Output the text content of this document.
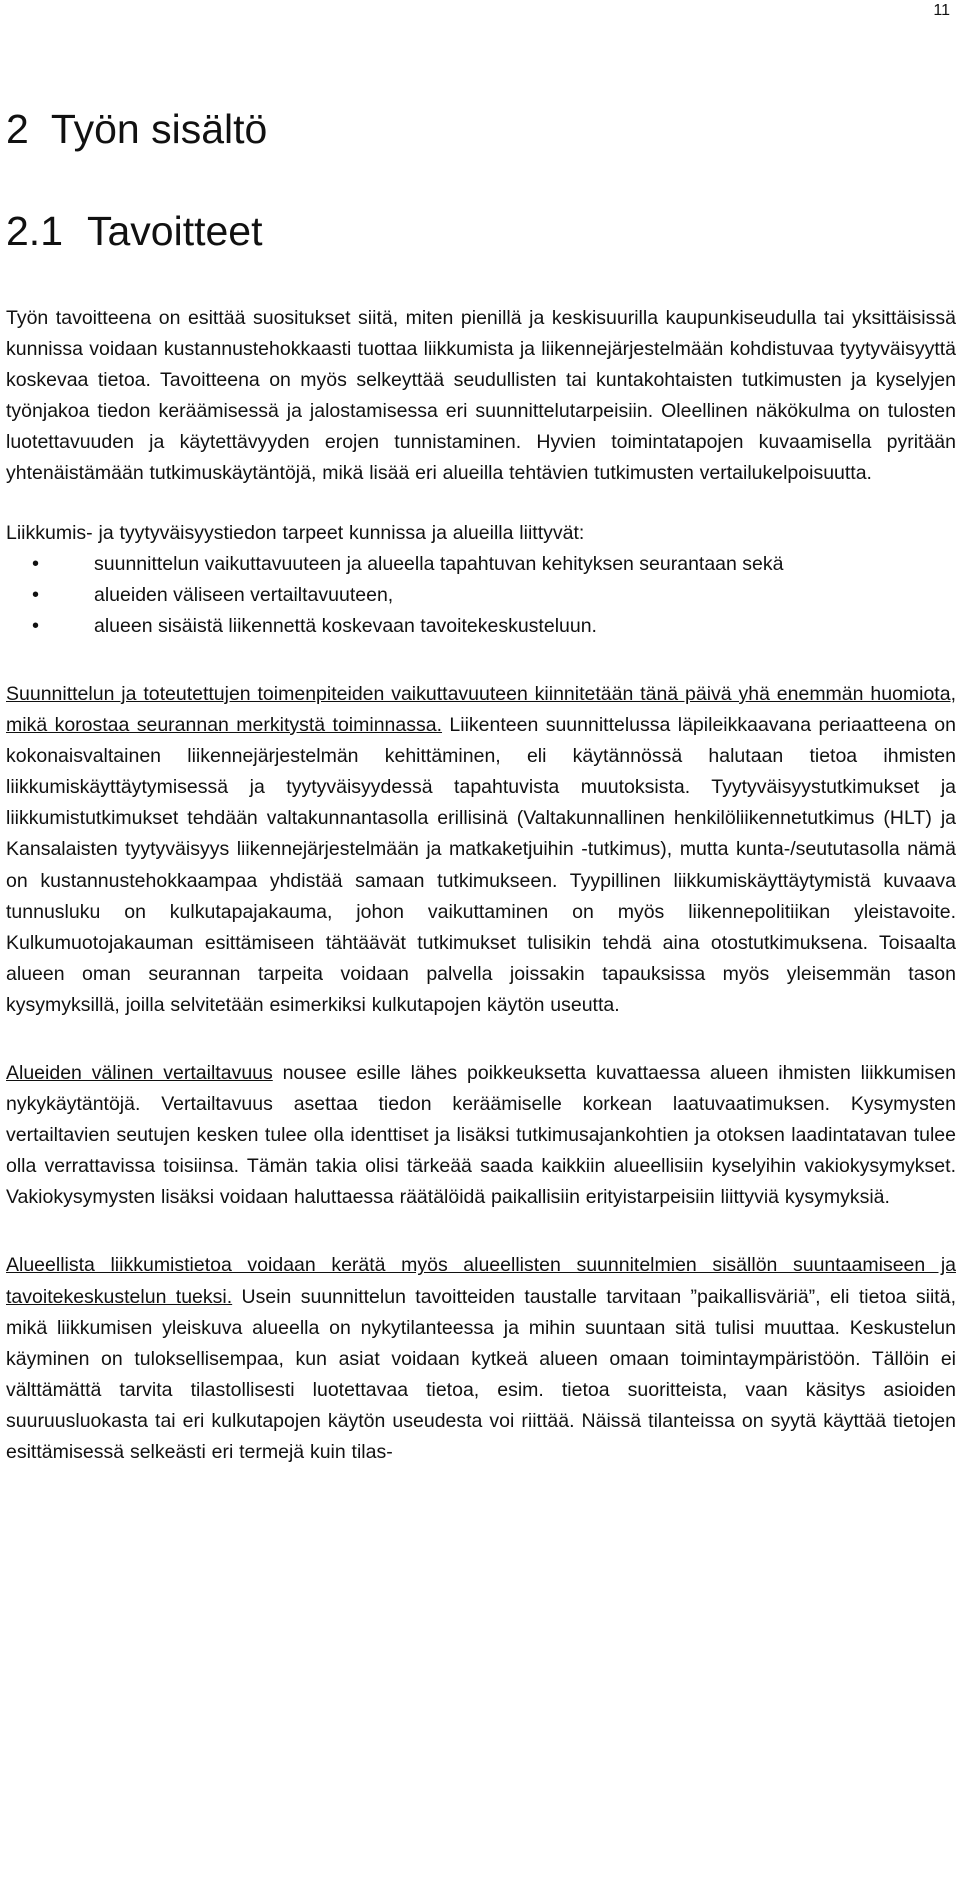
11
2 Työn sisältö
2.1 Tavoitteet

Työn tavoitteena on esittää suositukset siitä, miten pienillä ja keskisuurilla kaupunkiseudulla tai yksittäisissä kunnissa voidaan kustannustehokkaasti tuottaa liikkumista ja liikennejärjestelmään kohdistuvaa tyytyväisyyttä koskevaa tietoa. Tavoitteena on myös selkeyttää seudullisten tai kuntakohtaisten tutkimusten ja kyselyjen työnjakoa tiedon keräämisessä ja jalostamisessa eri suunnittelutarpeisiin. Oleellinen näkökulma on tulosten luotettavuuden ja käytettävyyden erojen tunnistaminen. Hyvien toimintatapojen kuvaamisella pyritään yhtenäistämään tutkimuskäytäntöjä, mikä lisää eri alueilla tehtävien tutkimusten vertailukelpoisuutta.

Liikkumis- ja tyytyväisyystiedon tarpeet kunnissa ja alueilla liittyvät:

• suunnittelun vaikuttavuuteen ja alueella tapahtuvan kehityksen seurantaan sekä
• alueiden väliseen vertailtavuuteen,
• alueen sisäistä liikennettä koskevaan tavoitekeskusteluun.

Suunnittelun ja toteutettujen toimenpiteiden vaikuttavuuteen kiinnitetään tänä päivä yhä enemmän huomiota, mikä korostaa seurannan merkitystä toiminnassa. Liikenteen suunnittelussa läpileikkaavana periaatteena on kokonaisvaltainen liikennejärjestelmän kehittäminen, eli käytännössä halutaan tietoa ihmisten liikkumiskäyttäytymisessä ja tyytyväisyydessä tapahtuvista muutoksista. Tyytyväisyystutkimukset ja liikkumistutkimukset tehdään valtakunnantasolla erillisinä (Valtakunnallinen henkilöliikennetutkimus (HLT) ja Kansalaisten tyytyväisyys liikennejärjestelmään ja matkaketjuihin -tutkimus), mutta kunta-/seututasolla nämä on kustannustehokkaampaa yhdistää samaan tutkimukseen. Tyypillinen liikkumiskäyttäytymistä kuvaava tunnusluku on kulkutapajakauma, johon vaikuttaminen on myös liikennepolitiikan yleistavoite. Kulkumuotojakauman esittämiseen tähtäävät tutkimukset tulisikin tehdä aina otostutkimuksena. Toisaalta alueen oman seurannan tarpeita voidaan palvella joissakin tapauksissa myös yleisemmän tason kysymyksillä, joilla selvitetään esimerkiksi kulkutapojen käytön useutta.

Alueiden välinen vertailtavuus nousee esille lähes poikkeuksetta kuvattaessa alueen ihmisten liikkumisen nykykäytäntöjä. Vertailtavuus asettaa tiedon keräämiselle korkean laatuvaatimuksen. Kysymysten vertailtavien seutujen kesken tulee olla identtiset ja lisäksi tutkimusajankohtien ja otoksen laadintatavan tulee olla verrattavissa toisiinsa. Tämän takia olisi tärkeää saada kaikkiin alueellisiin kyselyihin vakiokysymykset. Vakiokysymysten lisäksi voidaan haluttaessa räätälöidä paikallisiin erityistarpeisiin liittyviä kysymyksiä.

Alueellista liikkumistietoa voidaan kerätä myös alueellisten suunnitelmien sisällön suuntaamiseen ja tavoitekeskustelun tueksi. Usein suunnittelun tavoitteiden taustalle tarvitaan ”paikallisväriä”, eli tietoa siitä, mikä liikkumisen yleiskuva alueella on nykytilanteessa ja mihin suuntaan sitä tulisi muuttaa. Keskustelun käyminen on tuloksellisempaa, kun asiat voidaan kytkeä alueen omaan toimintaympäristöön. Tällöin ei välttämättä tarvita tilastollisesti luotettavaa tietoa, esim. tietoa suoritteista, vaan käsitys asioiden suuruusluokasta tai eri kulkutapojen käytön useudesta voi riittää. Näissä tilanteissa on syytä käyttää tietojen esittämisessä selkeästi eri termejä kuin tilas-
